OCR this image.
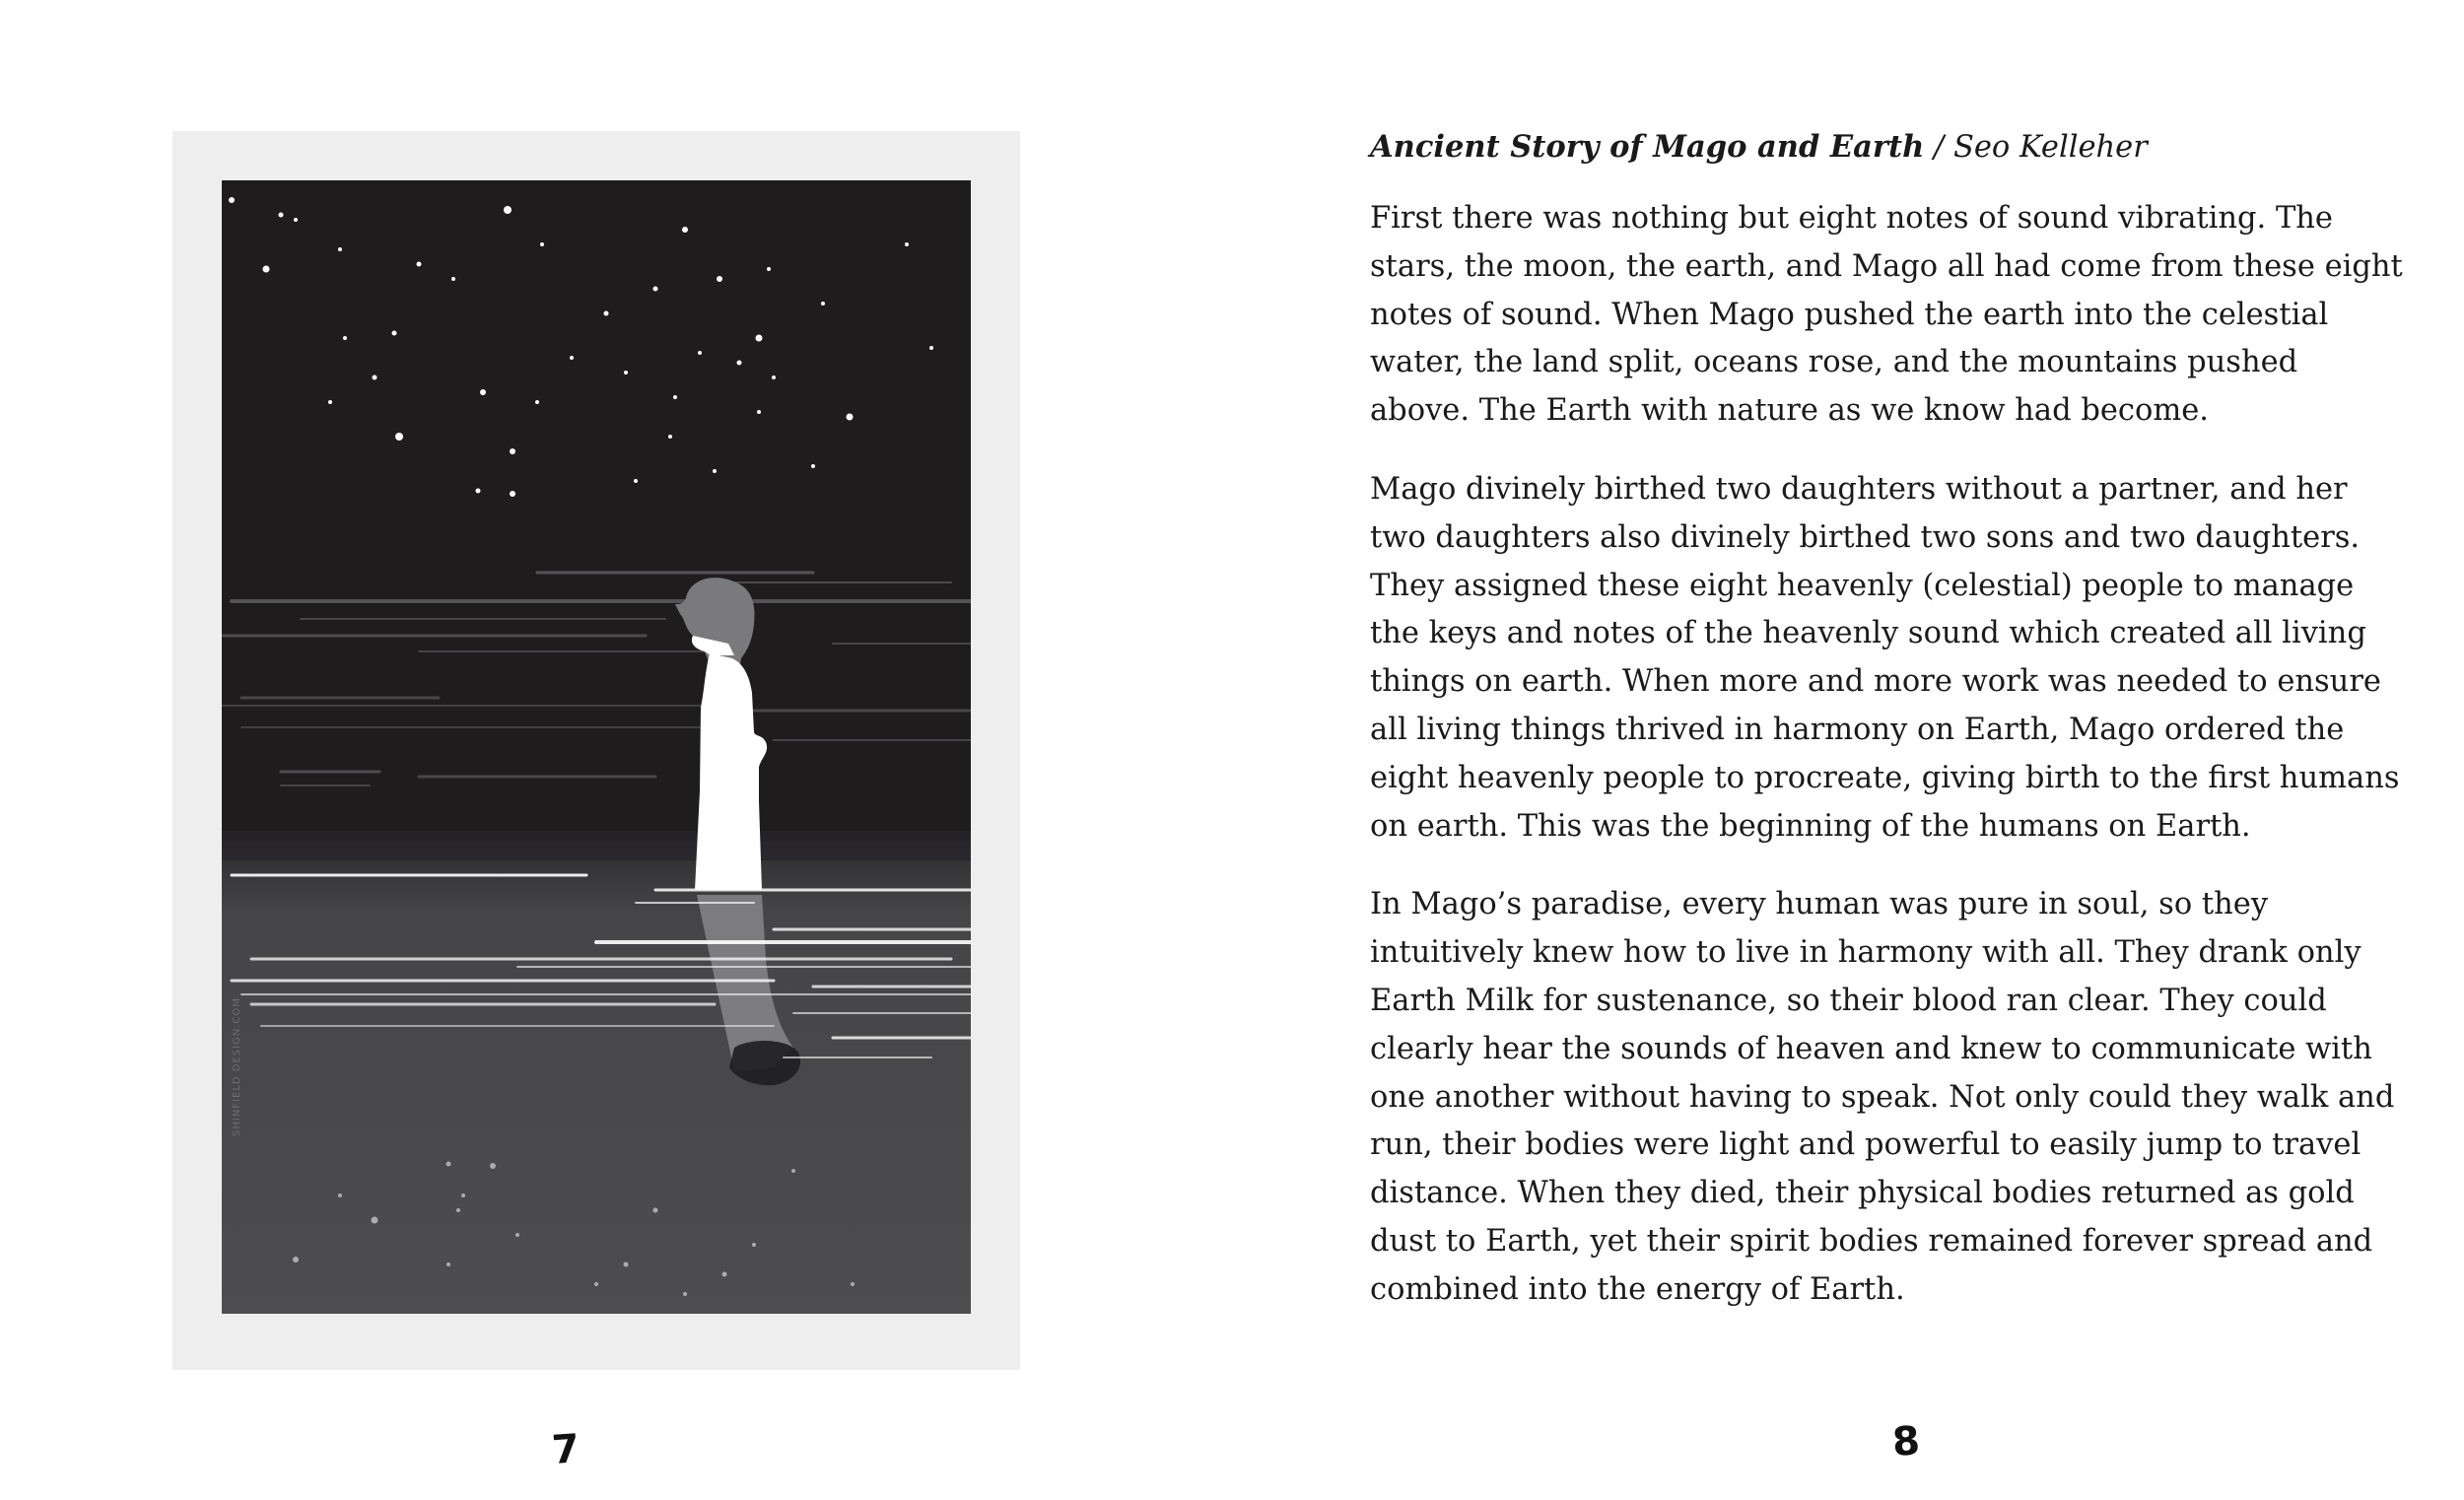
SHINFIELD DESIGN.COM
7
Ancient Story of Mago and Earth / Seo Kelleher

First there was nothing but eight notes of sound vibrating. The stars, the moon, the earth, and Mago all had come from these eight notes of sound. When Mago pushed the earth into the celestial water, the land split, oceans rose, and the mountains pushed above. The Earth with nature as we know had become.

Mago divinely birthed two daughters without a partner, and her two daughters also divinely birthed two sons and two daughters. They assigned these eight heavenly (celestial) people to manage the keys and notes of the heavenly sound which created all living things on earth. When more and more work was needed to ensure all living things thrived in harmony on Earth, Mago ordered the eight heavenly people to procreate, giving birth to the first humans on earth. This was the beginning of the humans on Earth.

In Mago’s paradise, every human was pure in soul, so they intuitively knew how to live in harmony with all. They drank only Earth Milk for sustenance, so their blood ran clear. They could clearly hear the sounds of heaven and knew to communicate with one another without having to speak. Not only could they walk and run, their bodies were light and powerful to easily jump to travel distance. When they died, their physical bodies returned as gold dust to Earth, yet their spirit bodies remained forever spread and combined into the energy of Earth.

8
